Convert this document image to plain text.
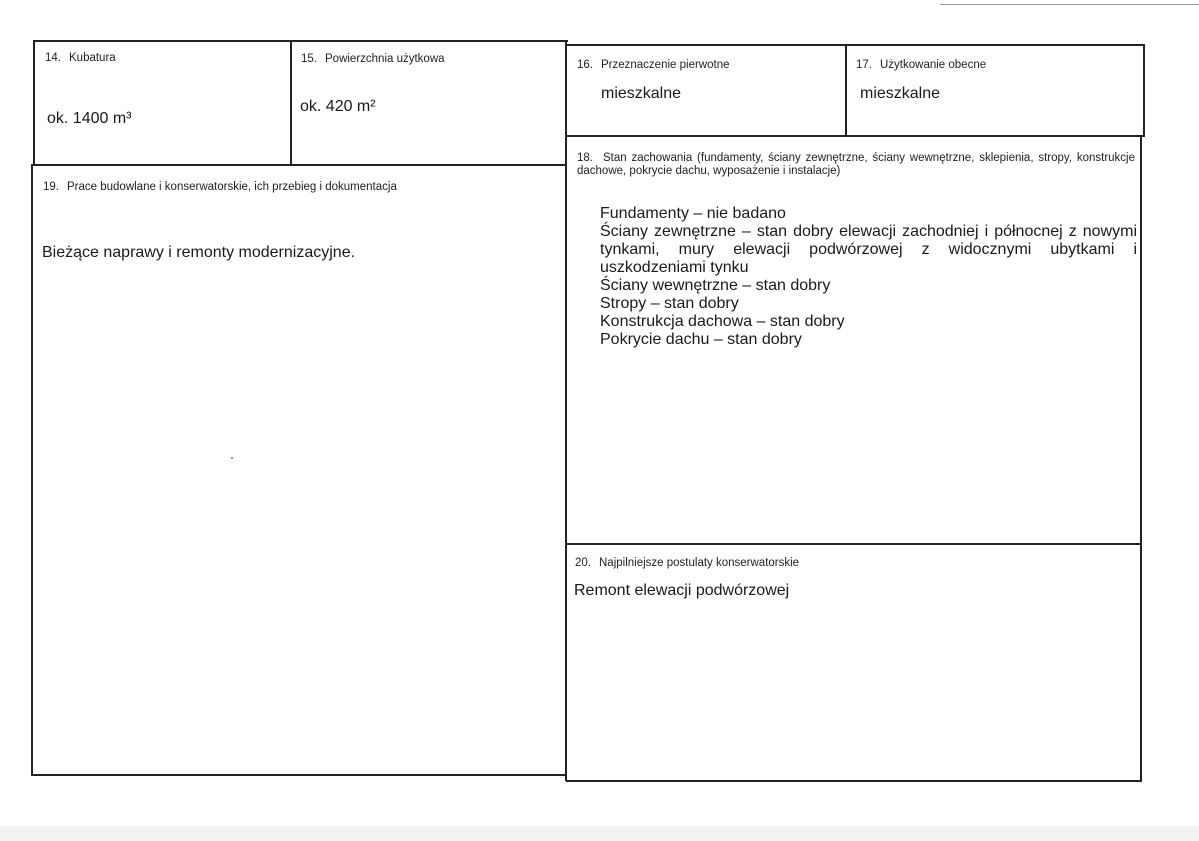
14. Kubatura
ok. 1400 m³
15. Powierzchnia użytkowa
ok. 420 m²
16. Przeznaczenie pierwotne
mieszkalne
17. Użytkowanie obecne
mieszkalne
18. Stan zachowania (fundamenty, ściany zewnętrzne, ściany wewnętrzne, sklepienia, stropy, konstrukcje dachowe, pokrycie dachu, wyposażenie i instalacje)
Fundamenty – nie badano
Ściany zewnętrzne – stan dobry elewacji zachodniej i północnej z nowymi tynkami, mury elewacji podwórzowej z widocznymi ubytkami i uszkodzeniami tynku
Ściany wewnętrzne – stan dobry
Stropy – stan dobry
Konstrukcja dachowa – stan dobry
Pokrycie dachu – stan dobry
19. Prace budowlane i konserwatorskie, ich przebieg i dokumentacja
Bieżące naprawy i remonty modernizacyjne.
20. Najpilniejsze postulaty konserwatorskie
Remont elewacji podwórzowej
